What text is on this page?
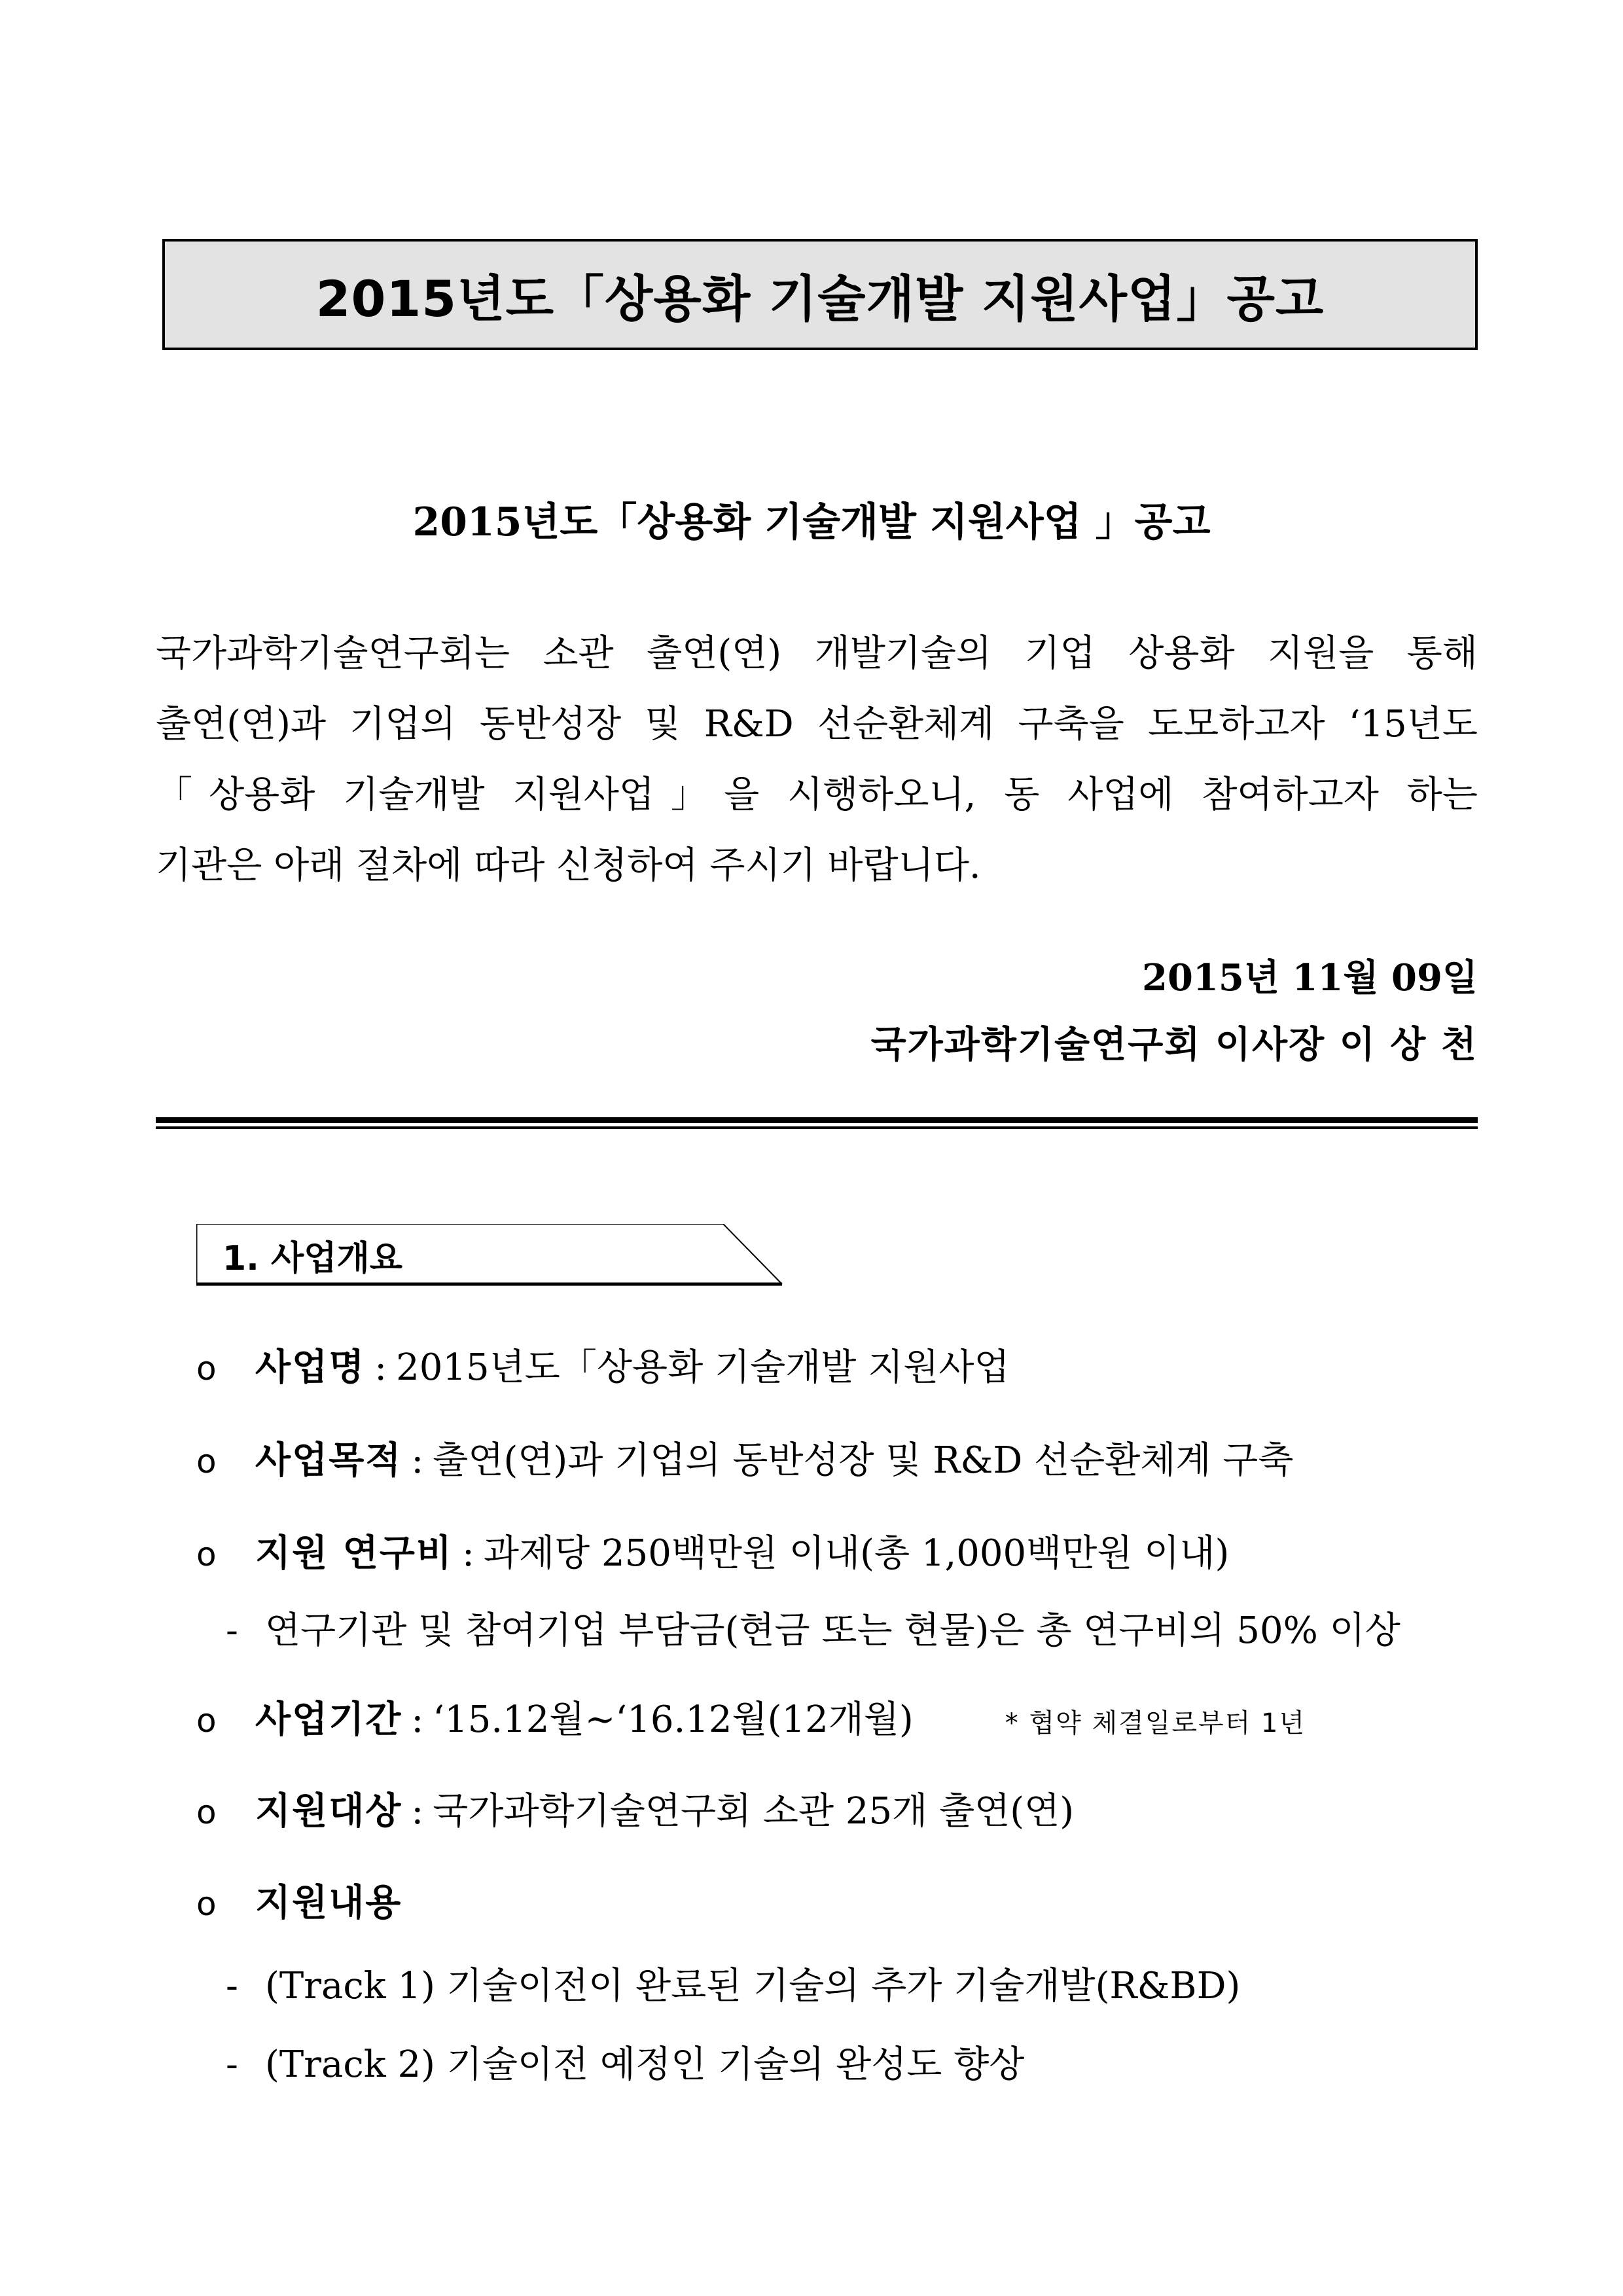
2015년도「상용화 기술개발 지원사업」공고
2015년도「상용화 기술개발 지원사업 」공고
국가과학기술연구회는 소관 출연(연) 개발기술의 기업 상용화 지원을 통해
출연(연)과 기업의 동반성장 및 R&D 선순환체계 구축을 도모하고자 ‘15년도
「상용화 기술개발 지원사업」을 시행하오니, 동 사업에 참여하고자 하는
기관은 아래 절차에 따라 신청하여 주시기 바랍니다.
2015년 11월 09일
국가과학기술연구회 이사장 이 상 천
1. 사업개요
o 사업명 : 2015년도「상용화 기술개발 지원사업
o 사업목적 : 출연(연)과 기업의 동반성장 및 R&D 선순환체계 구축
o 지원 연구비 : 과제당 250백만원 이내(총 1,000백만원 이내)
- 연구기관 및 참여기업 부담금(현금 또는 현물)은 총 연구비의 50% 이상
o 사업기간 : ‘15.12월~‘16.12월(12개월)	* 협약 체결일로부터 1년
o 지원대상 : 국가과학기술연구회 소관 25개 출연(연)
o 지원내용
- (Track 1) 기술이전이 완료된 기술의 추가 기술개발(R&BD)
- (Track 2) 기술이전 예정인 기술의 완성도 향상
